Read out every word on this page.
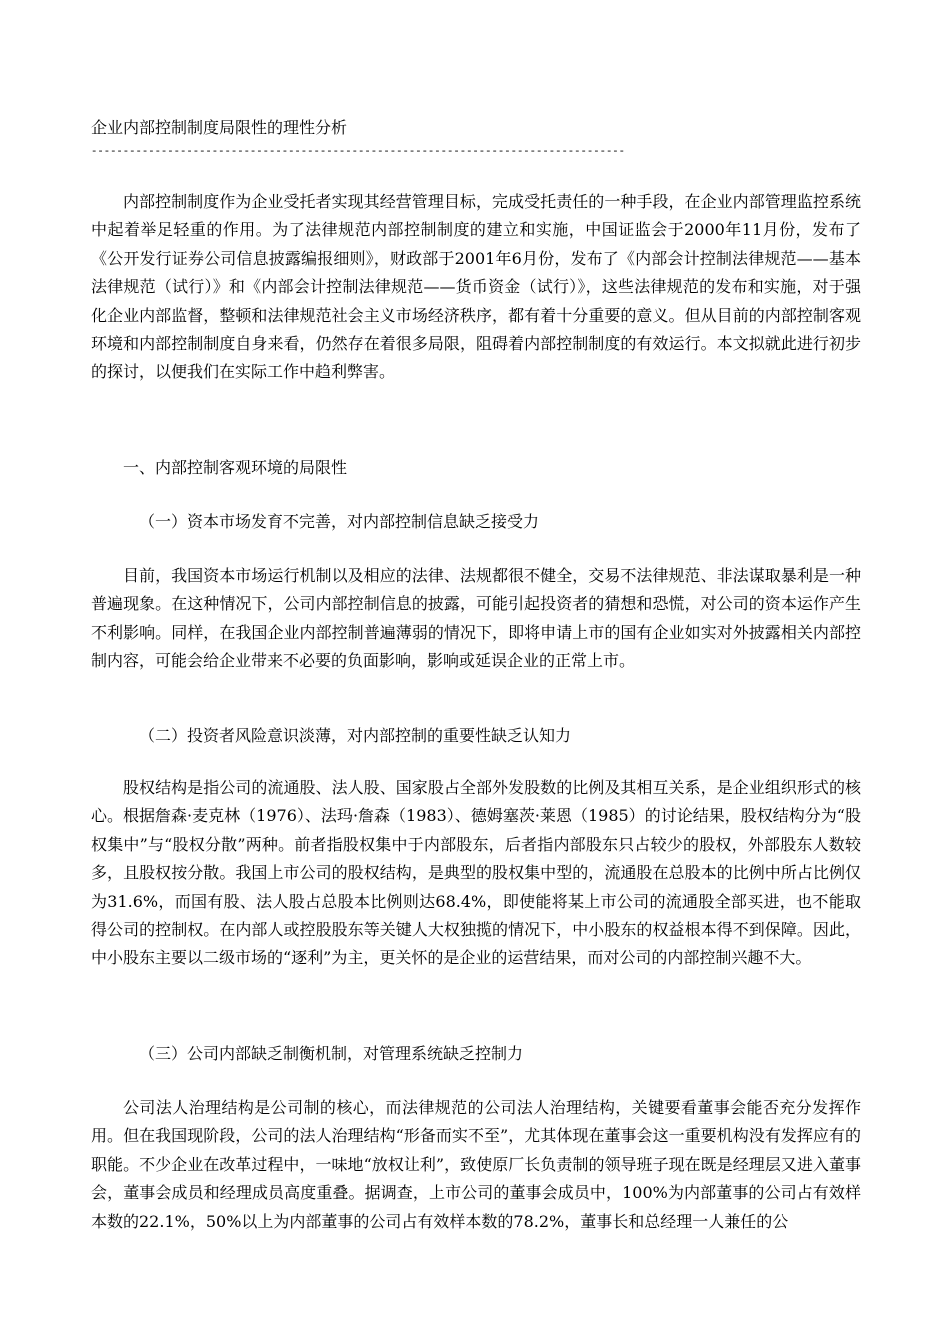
企业内部控制制度局限性的理性分析
------------------------------------------------------------------------------------

内部控制制度作为企业受托者实现其经营管理目标，完成受托责任的一种手段，在企业内部管理监控系统中起着举足轻重的作用。为了法律规范内部控制制度的建立和实施，中国证监会于2000年11月份，发布了《公开发行证券公司信息披露编报细则》，财政部于2001年6月份，发布了《内部会计控制法律规范——基本法律规范（试行）》和《内部会计控制法律规范——货币资金（试行）》，这些法律规范的发布和实施，对于强化企业内部监督，整顿和法律规范社会主义市场经济秩序，都有着十分重要的意义。但从目前的内部控制客观环境和内部控制制度自身来看，仍然存在着很多局限，阻碍着内部控制制度的有效运行。本文拟就此进行初步的探讨，以便我们在实际工作中趋利弊害。

一、内部控制客观环境的局限性

（一）资本市场发育不完善，对内部控制信息缺乏接受力

目前，我国资本市场运行机制以及相应的法律、法规都很不健全，交易不法律规范、非法谋取暴利是一种普遍现象。在这种情况下，公司内部控制信息的披露，可能引起投资者的猜想和恐慌，对公司的资本运作产生不利影响。同样，在我国企业内部控制普遍薄弱的情况下，即将申请上市的国有企业如实对外披露相关内部控制内容，可能会给企业带来不必要的负面影响，影响或延误企业的正常上市。

（二）投资者风险意识淡薄，对内部控制的重要性缺乏认知力

股权结构是指公司的流通股、法人股、国家股占全部外发股数的比例及其相互关系，是企业组织形式的核心。根据詹森·麦克林（1976）、法玛·詹森（1983）、德姆塞茨·莱恩（1985）的讨论结果，股权结构分为“股权集中”与“股权分散”两种。前者指股权集中于内部股东，后者指内部股东只占较少的股权，外部股东人数较多，且股权按分散。我国上市公司的股权结构，是典型的股权集中型的，流通股在总股本的比例中所占比例仅为31.6%，而国有股、法人股占总股本比例则达68.4%，即使能将某上市公司的流通股全部买进，也不能取得公司的控制权。在内部人或控股股东等关键人大权独揽的情况下，中小股东的权益根本得不到保障。因此，中小股东主要以二级市场的“逐利”为主，更关怀的是企业的运营结果，而对公司的内部控制兴趣不大。

（三）公司内部缺乏制衡机制，对管理系统缺乏控制力

公司法人治理结构是公司制的核心，而法律规范的公司法人治理结构，关键要看董事会能否充分发挥作用。但在我国现阶段，公司的法人治理结构“形备而实不至”，尤其体现在董事会这一重要机构没有发挥应有的职能。不少企业在改革过程中，一味地“放权让利”，致使原厂长负责制的领导班子现在既是经理层又进入董事会，董事会成员和经理成员高度重叠。据调查，上市公司的董事会成员中，100%为内部董事的公司占有效样本数的22.1%，50%以上为内部董事的公司占有效样本数的78.2%，董事长和总经理一人兼任的公
